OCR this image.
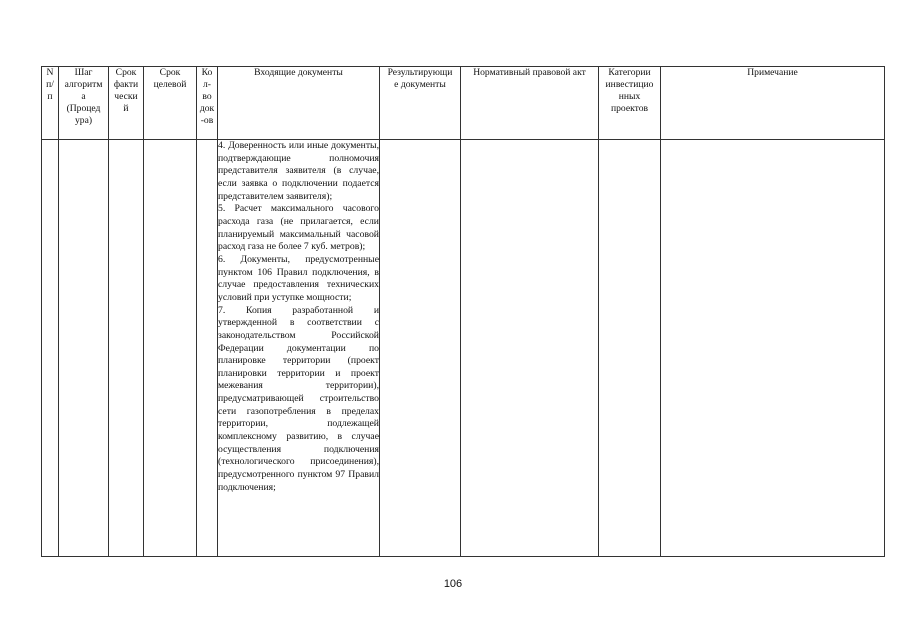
N
п/
п	Шаг
алгоритм
а
(Процед
ура)	Срок
факти
чески
й	Срок
целевой	Ко
л-
во
док
-ов	Входящие документы	Результирующи
е документы	Нормативный правовой акт	Категории
инвестицио
нных
проектов	Примечание

					4. Доверенность или иные документы, подтверждающие полномочия представителя заявителя (в случае, если заявка о подключении подается представителем заявителя);

5. Расчет максимального часового расхода газа (не прилагается, если планируемый максимальный часовой расход газа не более 7 куб. метров);

6. Документы, предусмотренные пунктом 106 Правил подключения, в случае предоставления технических условий при уступке мощности;

7. Копия разработанной и утвержденной в соответствии с законодательством Российской Федерации документации по планировке территории (проект планировки территории и проект межевания территории), предусматривающей строительство сети газопотребления в пределах территории, подлежащей комплексному развитию, в случае осуществления подключения (технологического присоединения), предусмотренного пунктом 97 Правил подключения;				

106
